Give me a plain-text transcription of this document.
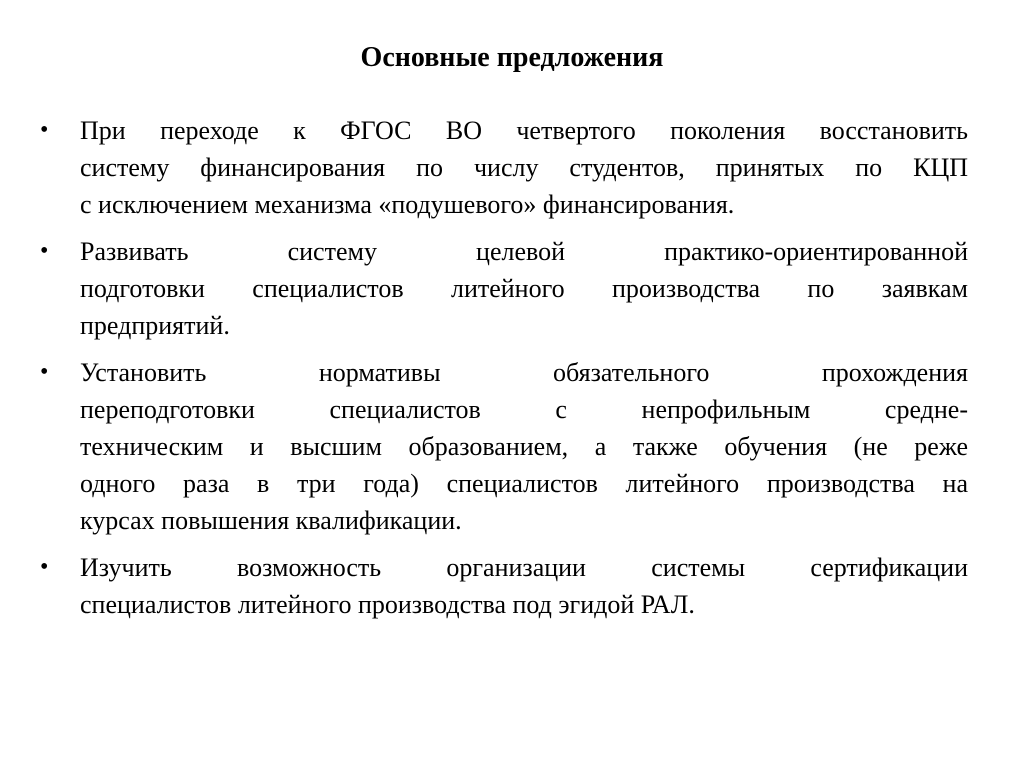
Основные предложения
• При переходе к ФГОС ВО четвертого поколения восстановить
систему финансирования по числу студентов, принятых по КЦП
с исключением механизма «подушевого» финансирования.
• Развивать систему целевой практико-ориентированной
подготовки специалистов литейного производства по заявкам
предприятий.
• Установить нормативы обязательного прохождения
переподготовки специалистов с непрофильным средне-
техническим и высшим образованием, а также обучения (не реже
одного раза в три года) специалистов литейного производства на
курсах повышения квалификации.
• Изучить возможность организации системы сертификации
специалистов литейного производства под эгидой РАЛ.
